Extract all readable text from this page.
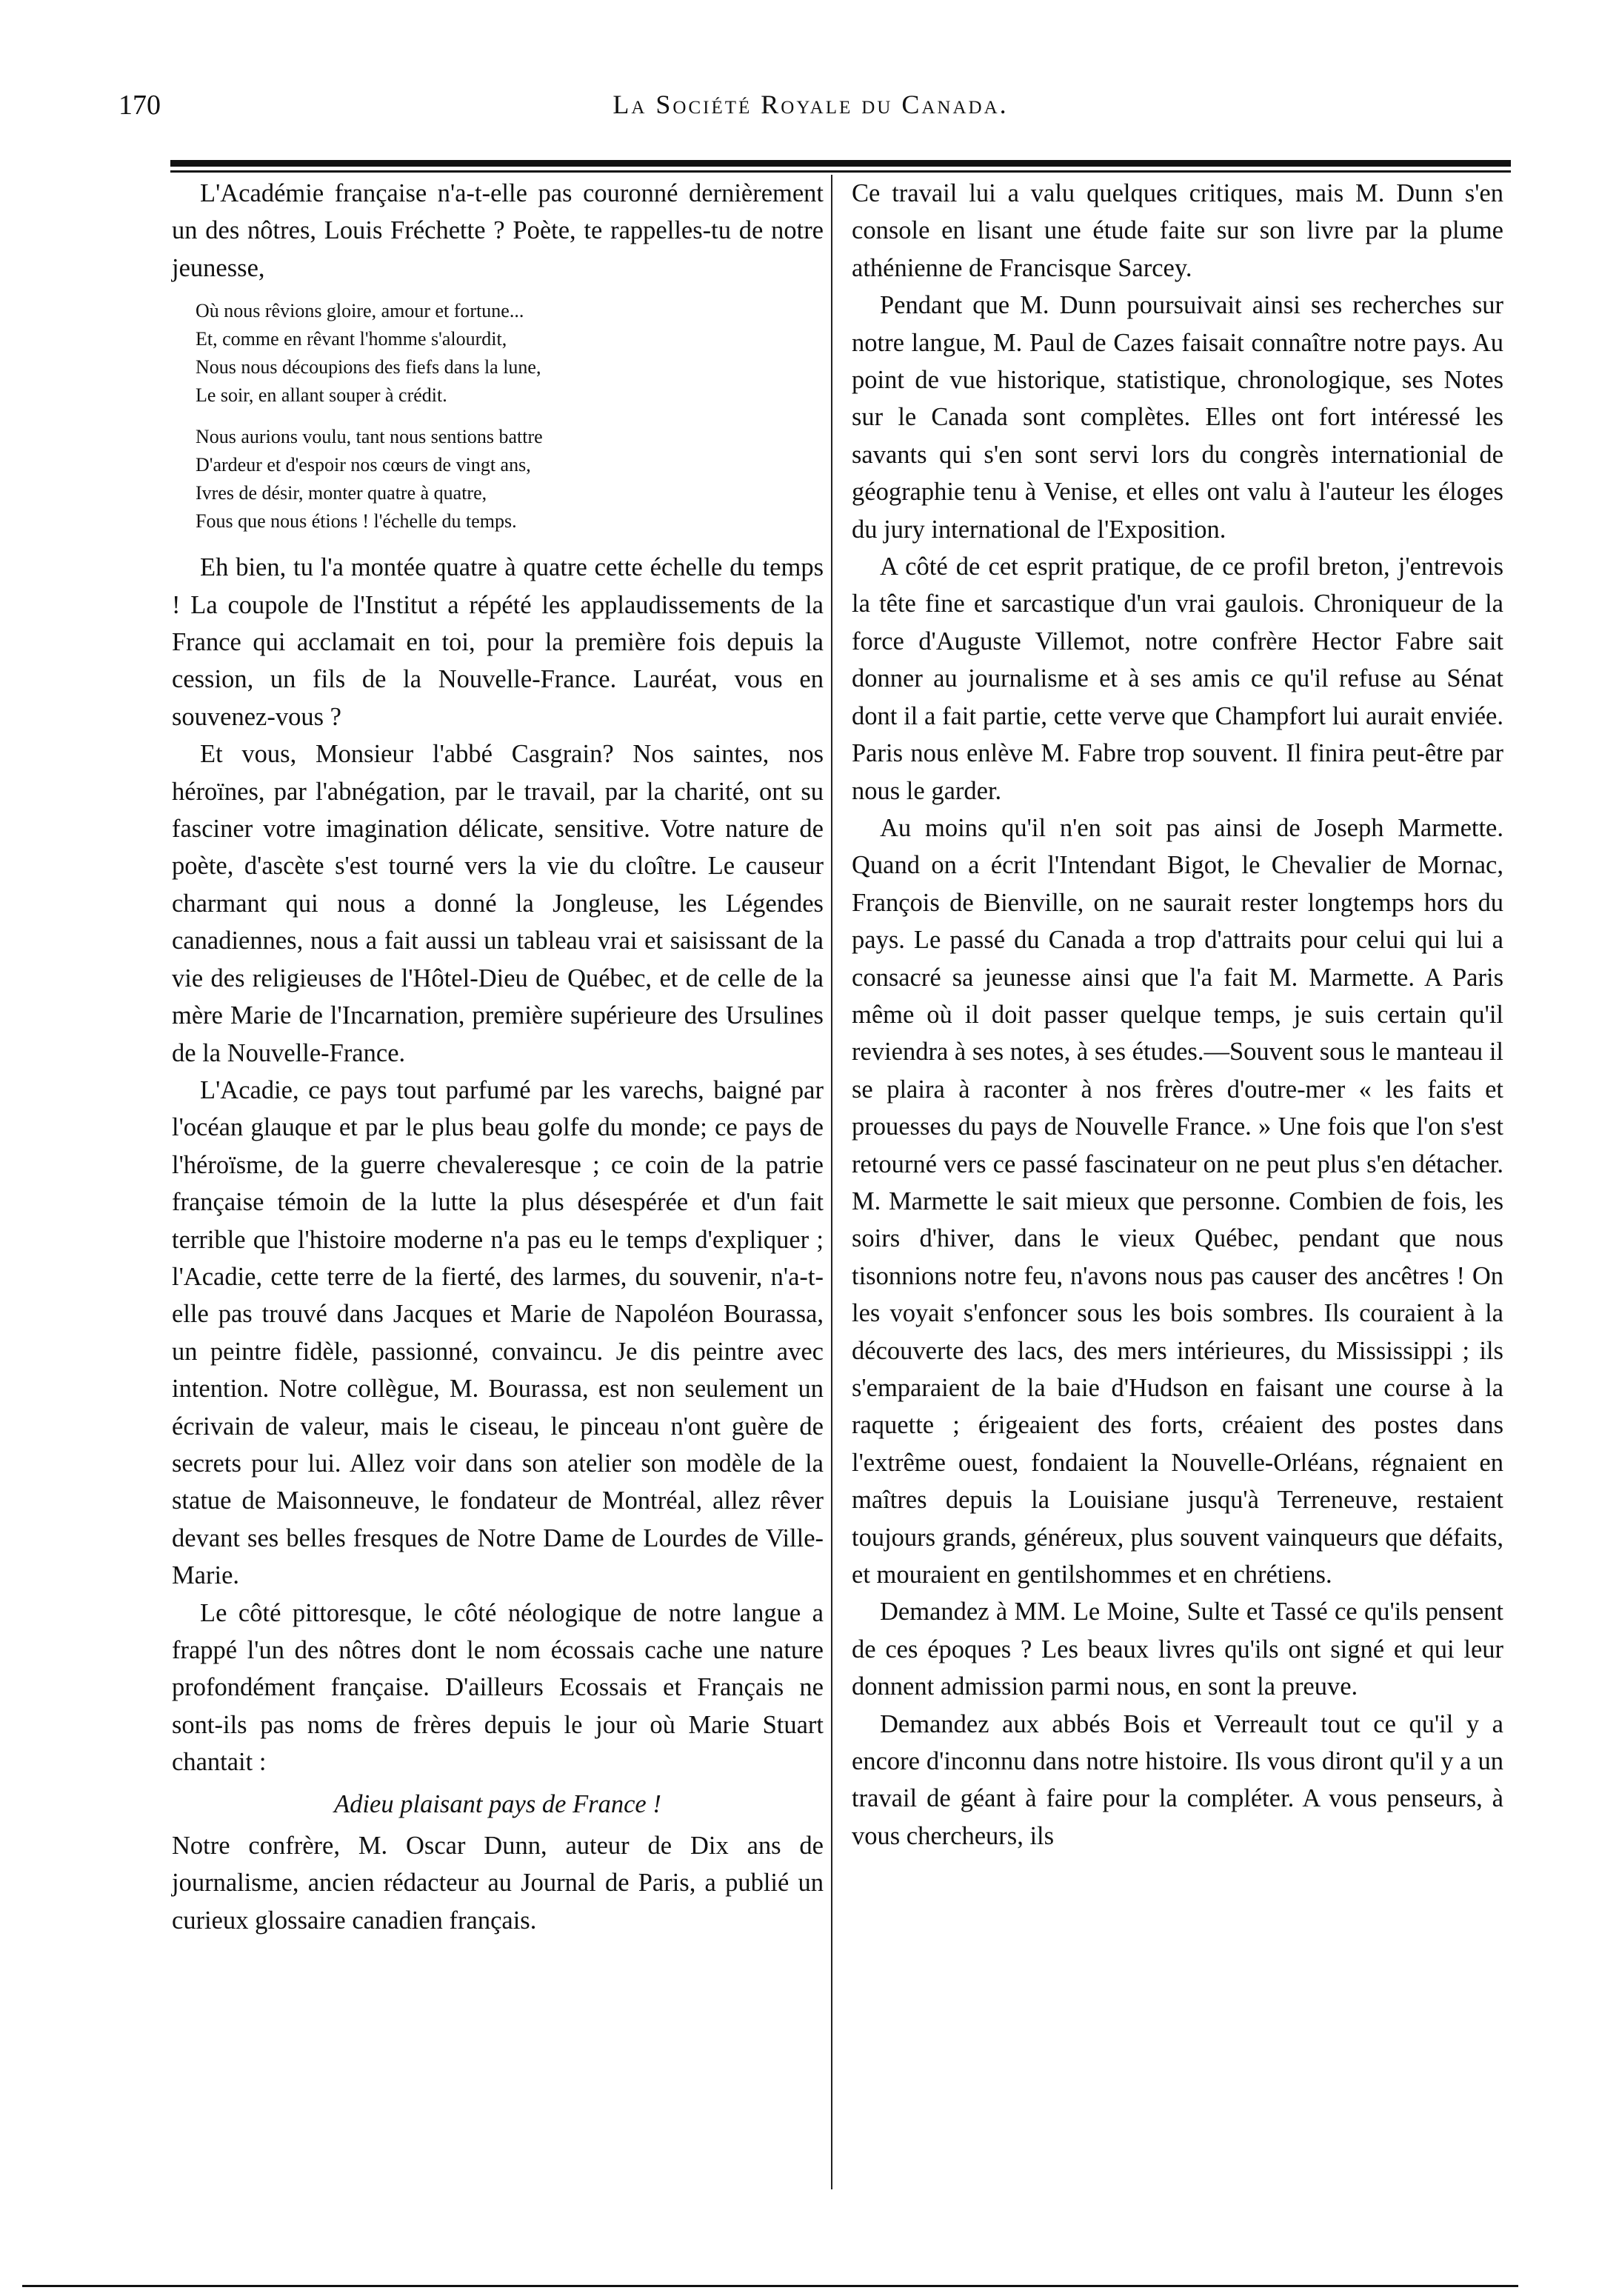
170	La Société Royale du Canada.

L'Académie française n'a-t-elle pas couronné dernièrement un des nôtres, Louis Fréchette ? Poète, te rappelles-tu de notre jeunesse,

Où nous rêvions gloire, amour et fortune...
Et, comme en rêvant l'homme s'alourdit,
Nous nous découpions des fiefs dans la lune,
Le soir, en allant souper à crédit.
Nous aurions voulu, tant nous sentions battre
D'ardeur et d'espoir nos cœurs de vingt ans,
Ivres de désir, monter quatre à quatre,
Fous que nous étions ! l'échelle du temps.

Eh bien, tu l'a montée quatre à quatre cette échelle du temps ! La coupole de l'Institut a répété les applaudissements de la France qui acclamait en toi, pour la première fois depuis la cession, un fils de la Nouvelle-France. Lauréat, vous en souvenez-vous ?

Et vous, Monsieur l'abbé Casgrain? Nos saintes, nos héroïnes, par l'abnégation, par le travail, par la charité, ont su fasciner votre imagination délicate, sensitive. Votre nature de poète, d'ascète s'est tourné vers la vie du cloître. Le causeur charmant qui nous a donné la Jongleuse, les Légendes canadiennes, nous a fait aussi un tableau vrai et saisissant de la vie des religieuses de l'Hôtel-Dieu de Québec, et de celle de la mère Marie de l'Incarnation, première supérieure des Ursulines de la Nouvelle-France.

L'Acadie, ce pays tout parfumé par les varechs, baigné par l'océan glauque et par le plus beau golfe du monde; ce pays de l'héroïsme, de la guerre chevaleresque ; ce coin de la patrie française témoin de la lutte la plus désespérée et d'un fait terrible que l'histoire moderne n'a pas eu le temps d'expliquer ; l'Acadie, cette terre de la fierté, des larmes, du souvenir, n'a-t-elle pas trouvé dans Jacques et Marie de Napoléon Bourassa, un peintre fidèle, passionné, convaincu. Je dis peintre avec intention. Notre collègue, M. Bourassa, est non seulement un écrivain de valeur, mais le ciseau, le pinceau n'ont guère de secrets pour lui. Allez voir dans son atelier son modèle de la statue de Maisonneuve, le fondateur de Montréal, allez rêver devant ses belles fresques de Notre Dame de Lourdes de Ville-Marie.

Le côté pittoresque, le côté néologique de notre langue a frappé l'un des nôtres dont le nom écossais cache une nature profondément française. D'ailleurs Ecossais et Français ne sont-ils pas noms de frères depuis le jour où Marie Stuart chantait :

Adieu plaisant pays de France !

Notre confrère, M. Oscar Dunn, auteur de Dix ans de journalisme, ancien rédacteur au Journal de Paris, a publié un curieux glossaire canadien français.

Ce travail lui a valu quelques critiques, mais M. Dunn s'en console en lisant une étude faite sur son livre par la plume athénienne de Francisque Sarcey.

Pendant que M. Dunn poursuivait ainsi ses recherches sur notre langue, M. Paul de Cazes faisait connaître notre pays. Au point de vue historique, statistique, chronologique, ses Notes sur le Canada sont complètes. Elles ont fort intéressé les savants qui s'en sont servi lors du congrès internationial de géographie tenu à Venise, et elles ont valu à l'auteur les éloges du jury international de l'Exposition.

A côté de cet esprit pratique, de ce profil breton, j'entrevois la tête fine et sarcastique d'un vrai gaulois. Chroniqueur de la force d'Auguste Villemot, notre confrère Hector Fabre sait donner au journalisme et à ses amis ce qu'il refuse au Sénat dont il a fait partie, cette verve que Champfort lui aurait enviée. Paris nous enlève M. Fabre trop souvent. Il finira peut-être par nous le garder.

Au moins qu'il n'en soit pas ainsi de Joseph Marmette. Quand on a écrit l'Intendant Bigot, le Chevalier de Mornac, François de Bienville, on ne saurait rester longtemps hors du pays. Le passé du Canada a trop d'attraits pour celui qui lui a consacré sa jeunesse ainsi que l'a fait M. Marmette. A Paris même où il doit passer quelque temps, je suis certain qu'il reviendra à ses notes, à ses études.—Souvent sous le manteau il se plaira à raconter à nos frères d'outre-mer « les faits et prouesses du pays de Nouvelle France. » Une fois que l'on s'est retourné vers ce passé fascinateur on ne peut plus s'en détacher. M. Marmette le sait mieux que personne. Combien de fois, les soirs d'hiver, dans le vieux Québec, pendant que nous tisonnions notre feu, n'avons nous pas causer des ancêtres ! On les voyait s'enfoncer sous les bois sombres. Ils couraient à la découverte des lacs, des mers intérieures, du Mississippi ; ils s'emparaient de la baie d'Hudson en faisant une course à la raquette ; érigeaient des forts, créaient des postes dans l'extrême ouest, fondaient la Nouvelle-Orléans, régnaient en maîtres depuis la Louisiane jusqu'à Terreneuve, restaient toujours grands, généreux, plus souvent vainqueurs que défaits, et mouraient en gentilshommes et en chrétiens.

Demandez à MM. Le Moine, Sulte et Tassé ce qu'ils pensent de ces époques ? Les beaux livres qu'ils ont signé et qui leur donnent admission parmi nous, en sont la preuve.

Demandez aux abbés Bois et Verreault tout ce qu'il y a encore d'inconnu dans notre histoire. Ils vous diront qu'il y a un travail de géant à faire pour la compléter. A vous penseurs, à vous chercheurs, ils
